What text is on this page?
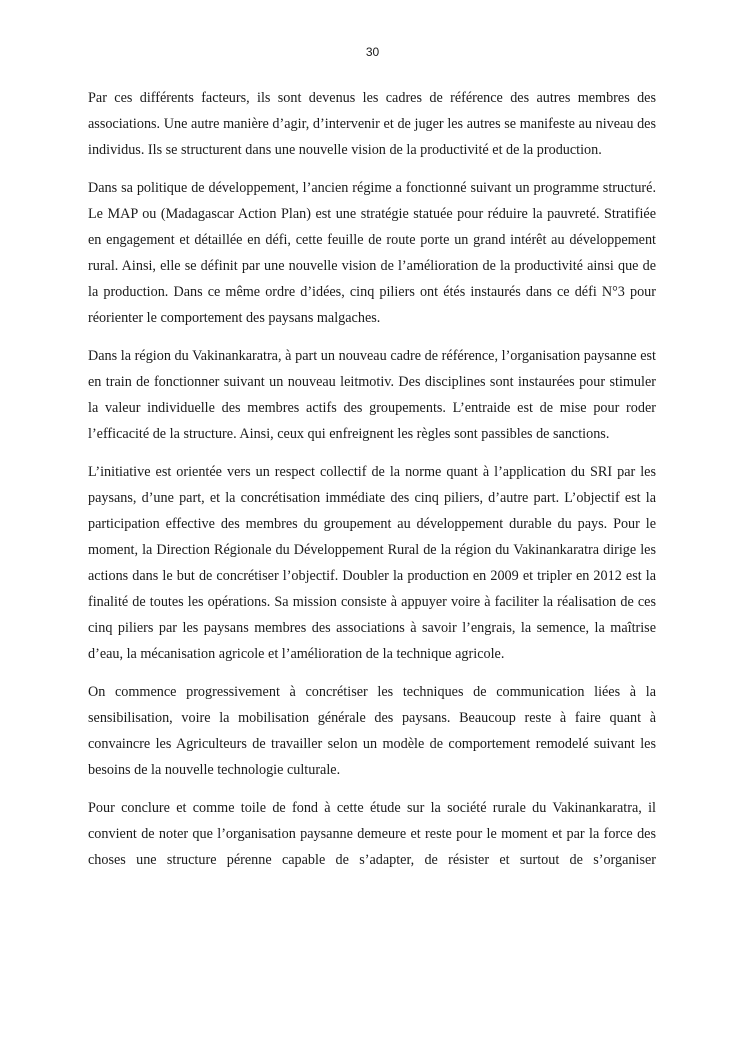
30

Par ces différents facteurs, ils sont devenus les cadres de référence des autres membres des associations. Une autre manière d’agir, d’intervenir et de juger les autres se manifeste au niveau des individus. Ils se structurent dans une nouvelle vision de la productivité et de la production.

Dans sa politique de développement, l’ancien régime a fonctionné suivant un programme structuré. Le MAP ou (Madagascar Action Plan) est une stratégie statuée pour réduire la pauvreté. Stratifiée en engagement et détaillée en défi, cette feuille de route porte un grand intérêt au développement rural. Ainsi, elle se définit par une nouvelle vision de l’amélioration de la productivité ainsi que de la production. Dans ce même ordre d’idées, cinq piliers ont étés instaurés dans ce défi N°3 pour réorienter le comportement des paysans malgaches.

Dans la région du Vakinankaratra, à part un nouveau cadre de référence, l’organisation paysanne est en train de fonctionner suivant un nouveau leitmotiv. Des disciplines sont instaurées pour stimuler la valeur individuelle des membres actifs des groupements. L’entraide est de mise pour roder l’efficacité de la structure. Ainsi, ceux qui enfreignent les règles sont passibles de sanctions.

L’initiative est orientée vers un respect collectif de la norme quant à l’application du SRI par les paysans, d’une part, et la concrétisation immédiate des cinq piliers, d’autre part. L’objectif est la participation effective des membres du groupement au développement durable du pays. Pour le moment, la Direction Régionale du Développement Rural de la région du Vakinankaratra dirige les actions dans le but de concrétiser l’objectif. Doubler la production en 2009 et tripler en 2012 est la finalité de toutes les opérations. Sa mission consiste à appuyer voire à faciliter la réalisation de ces cinq piliers par les paysans membres des associations à savoir l’engrais, la semence, la maîtrise d’eau, la mécanisation agricole et l’amélioration de la technique agricole.

On commence progressivement à concrétiser les techniques de communication liées à la sensibilisation, voire la mobilisation générale des paysans. Beaucoup reste à faire quant à convaincre les Agriculteurs de travailler selon un modèle de comportement remodelé suivant les besoins de la nouvelle technologie culturale.

Pour conclure et comme toile de fond à cette étude sur la société rurale du Vakinankaratra, il convient de noter que l’organisation paysanne demeure et reste pour le moment et par la force des choses une structure pérenne capable de s’adapter, de résister et surtout de s’organiser
